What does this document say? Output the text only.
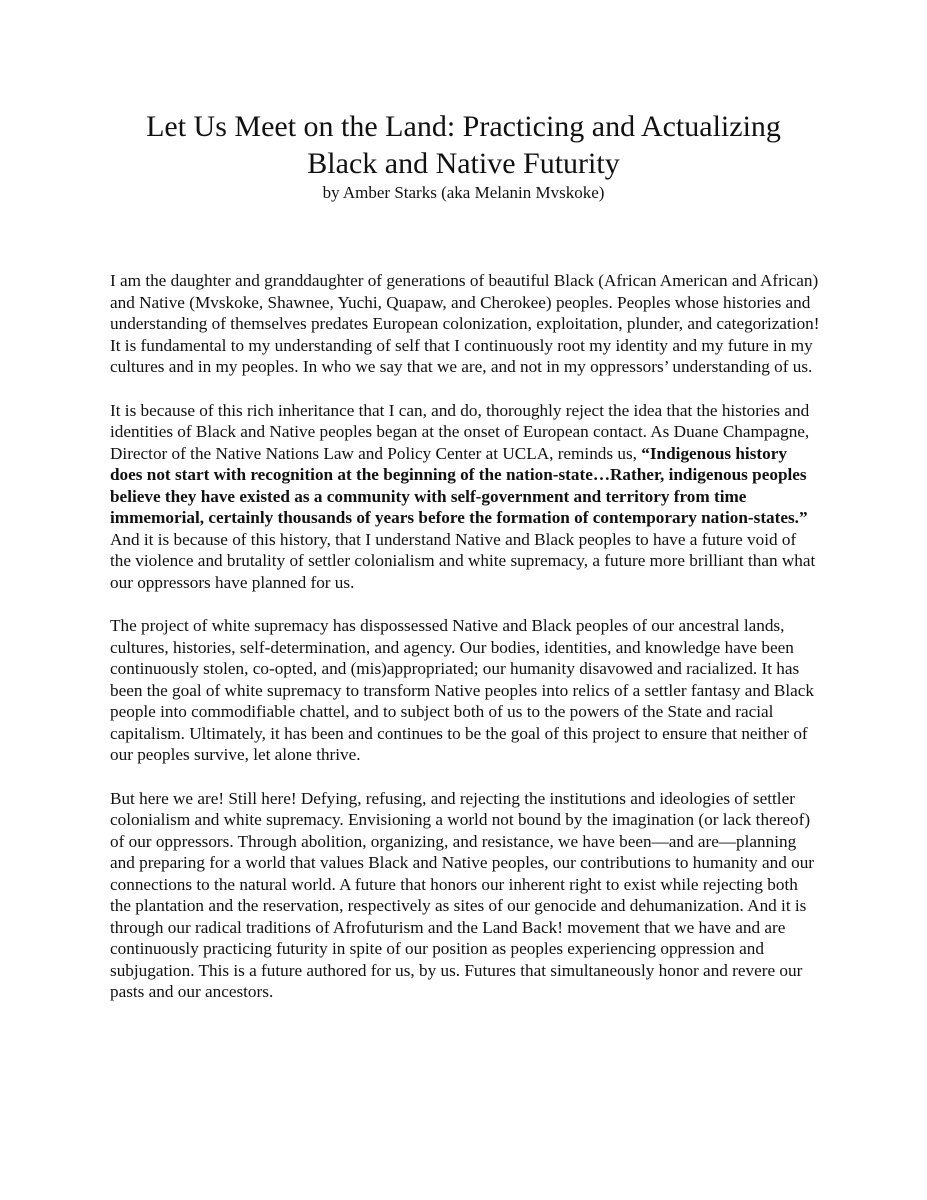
Let Us Meet on the Land: Practicing and Actualizing
Black and Native Futurity

by Amber Starks (aka Melanin Mvskoke)

I am the daughter and granddaughter of generations of beautiful Black (African American and African) and Native (Mvskoke, Shawnee, Yuchi, Quapaw, and Cherokee) peoples. Peoples whose histories and understanding of themselves predates European colonization, exploitation, plunder, and categorization! It is fundamental to my understanding of self that I continuously root my identity and my future in my cultures and in my peoples. In who we say that we are, and not in my oppressors’ understanding of us.

It is because of this rich inheritance that I can, and do, thoroughly reject the idea that the histories and identities of Black and Native peoples began at the onset of European contact. As Duane Champagne, Director of the Native Nations Law and Policy Center at UCLA, reminds us, “Indigenous history does not start with recognition at the beginning of the nation-state…Rather, indigenous peoples believe they have existed as a community with self-government and territory from time immemorial, certainly thousands of years before the formation of contemporary nation-states.” And it is because of this history, that I understand Native and Black peoples to have a future void of the violence and brutality of settler colonialism and white supremacy, a future more brilliant than what our oppressors have planned for us.

The project of white supremacy has dispossessed Native and Black peoples of our ancestral lands, cultures, histories, self-determination, and agency. Our bodies, identities, and knowledge have been continuously stolen, co-opted, and (mis)appropriated; our humanity disavowed and racialized. It has been the goal of white supremacy to transform Native peoples into relics of a settler fantasy and Black people into commodifiable chattel, and to subject both of us to the powers of the State and racial capitalism. Ultimately, it has been and continues to be the goal of this project to ensure that neither of our peoples survive, let alone thrive.

But here we are! Still here! Defying, refusing, and rejecting the institutions and ideologies of settler colonialism and white supremacy. Envisioning a world not bound by the imagination (or lack thereof) of our oppressors. Through abolition, organizing, and resistance, we have been—and are—planning and preparing for a world that values Black and Native peoples, our contributions to humanity and our connections to the natural world. A future that honors our inherent right to exist while rejecting both the plantation and the reservation, respectively as sites of our genocide and dehumanization. And it is through our radical traditions of Afrofuturism and the Land Back! movement that we have and are continuously practicing futurity in spite of our position as peoples experiencing oppression and subjugation. This is a future authored for us, by us. Futures that simultaneously honor and revere our pasts and our ancestors.
